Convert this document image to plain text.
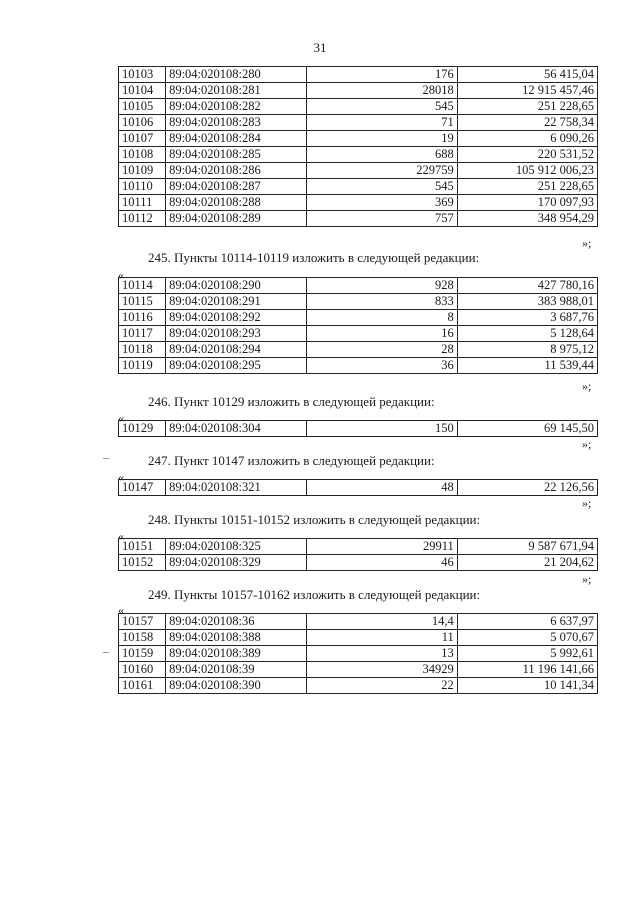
31
10103	89:04:020108:280	176	56 415,04
10104	89:04:020108:281	28018	12 915 457,46
10105	89:04:020108:282	545	251 228,65
10106	89:04:020108:283	71	22 758,34
10107	89:04:020108:284	19	6 090,26
10108	89:04:020108:285	688	220 531,52
10109	89:04:020108:286	229759	105 912 006,23
10110	89:04:020108:287	545	251 228,65
10111	89:04:020108:288	369	170 097,93
10112	89:04:020108:289	757	348 954,29
»;
245. Пункты 10114-10119 изложить в следующей редакции:
«
10114	89:04:020108:290	928	427 780,16
10115	89:04:020108:291	833	383 988,01
10116	89:04:020108:292	8	3 687,76
10117	89:04:020108:293	16	5 128,64
10118	89:04:020108:294	28	8 975,12
10119	89:04:020108:295	36	11 539,44
»;
246. Пункт 10129 изложить в следующей редакции:
«
10129	89:04:020108:304	150	69 145,50
»;
247. Пункт 10147 изложить в следующей редакции:
«
10147	89:04:020108:321	48	22 126,56
»;
248. Пункты 10151-10152 изложить в следующей редакции:
«
10151	89:04:020108:325	29911	9 587 671,94
10152	89:04:020108:329	46	21 204,62
»;
249. Пункты 10157-10162 изложить в следующей редакции:
«
10157	89:04:020108:36	14,4	6 637,97
10158	89:04:020108:388	11	5 070,67
10159	89:04:020108:389	13	5 992,61
10160	89:04:020108:39	34929	11 196 141,66
10161	89:04:020108:390	22	10 141,34
